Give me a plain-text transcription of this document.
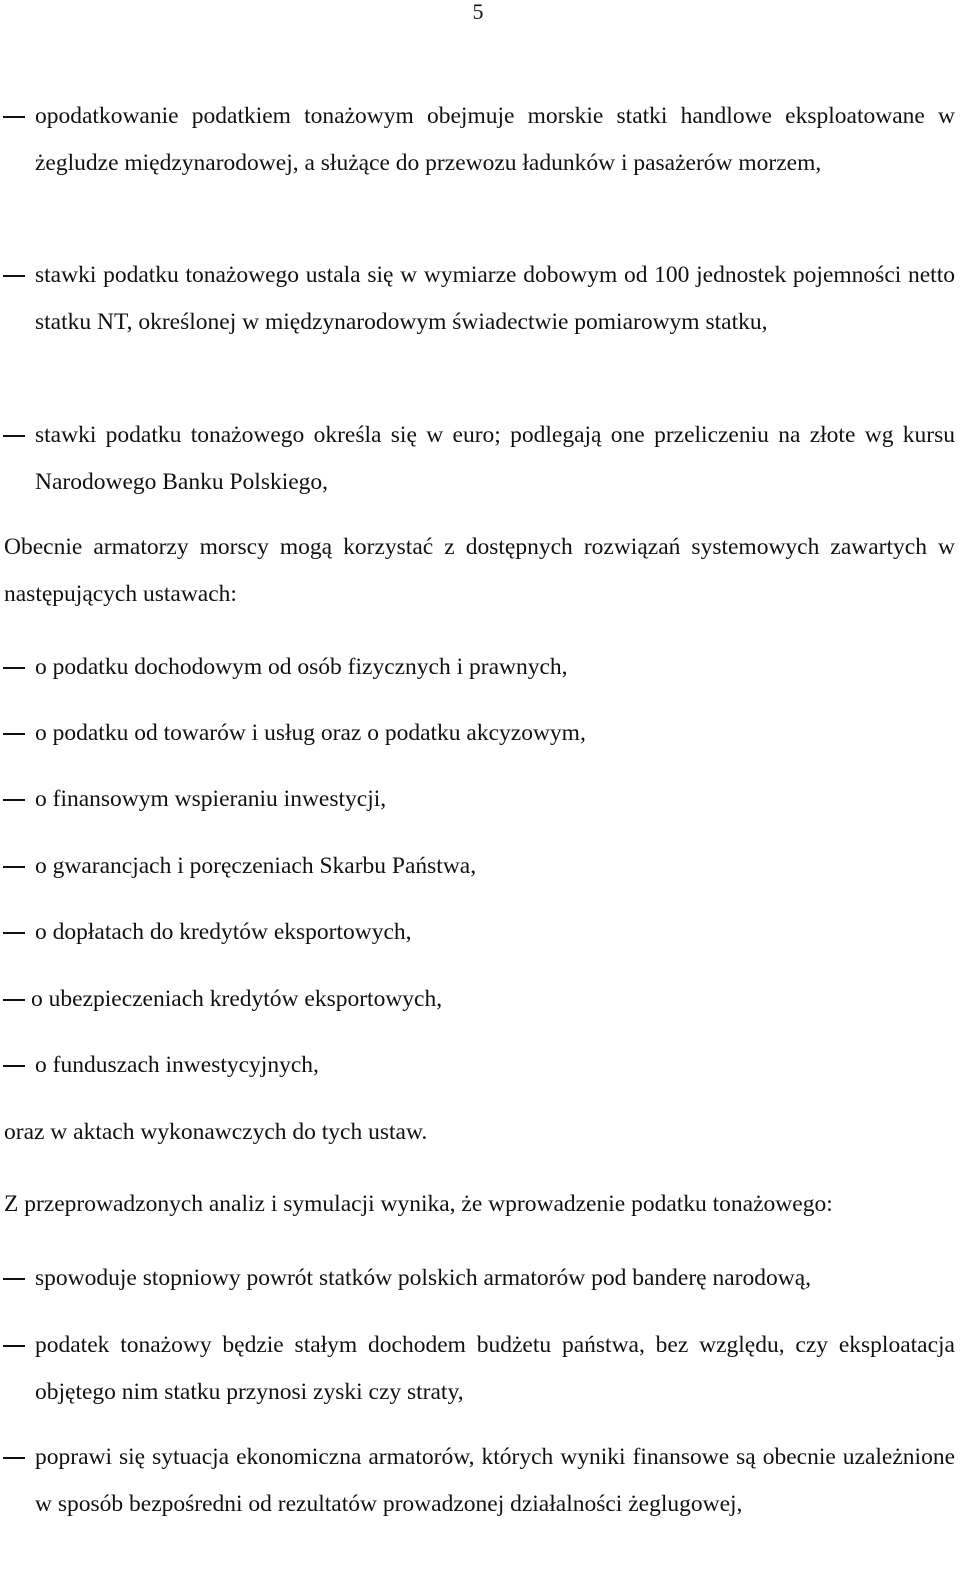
5
opodatkowanie podatkiem tonażowym obejmuje morskie statki handlowe eksploatowane w żegludze międzynarodowej, a służące do przewozu ładunków i pasażerów morzem,
stawki podatku tonażowego ustala się w wymiarze dobowym od 100 jednostek pojemności netto statku NT, określonej w międzynarodowym świadectwie pomiarowym statku,
stawki podatku tonażowego określa się w euro; podlegają one przeliczeniu na złote wg kursu Narodowego Banku Polskiego,
Obecnie armatorzy morscy mogą korzystać z dostępnych rozwiązań systemowych zawartych w następujących ustawach:
o podatku dochodowym od osób fizycznych i prawnych,
o podatku od towarów i usług oraz o podatku akcyzowym,
o finansowym wspieraniu inwestycji,
o gwarancjach i poręczeniach Skarbu Państwa,
o dopłatach do kredytów eksportowych,
o ubezpieczeniach kredytów eksportowych,
o funduszach inwestycyjnych,
oraz w aktach wykonawczych do tych ustaw.
Z przeprowadzonych analiz i symulacji wynika, że wprowadzenie podatku tonażowego:
spowoduje stopniowy powrót statków polskich armatorów pod banderę narodową,
podatek tonażowy będzie stałym dochodem budżetu państwa, bez względu, czy eksploatacja objętego nim statku przynosi zyski czy straty,
poprawi się sytuacja ekonomiczna armatorów, których wyniki finansowe są obecnie uzależnione w sposób bezpośredni od rezultatów prowadzonej działalności żeglugowej,
